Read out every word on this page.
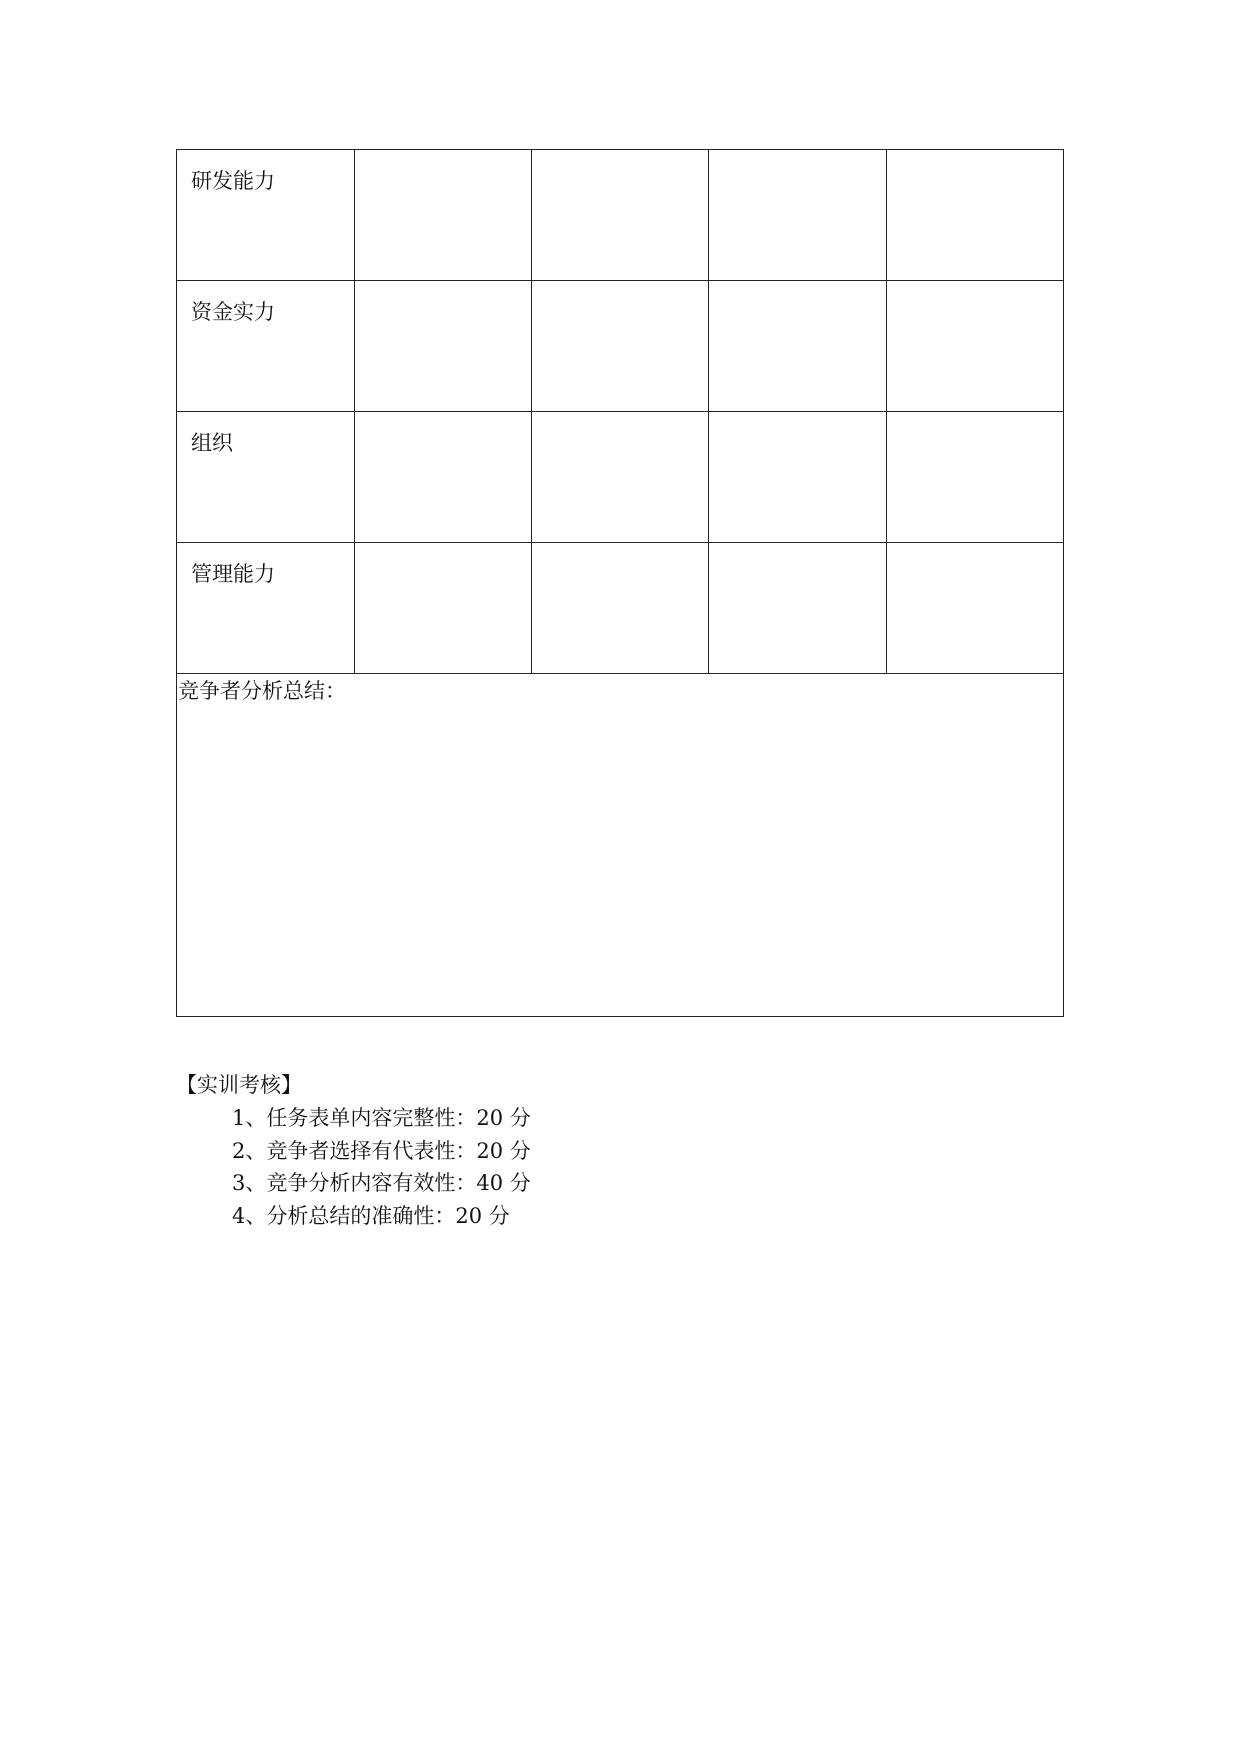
研发能力				

资金实力				

组织				

管理能力				

竞争者分析总结：				
【实训考核】
1、任务表单内容完整性：20 分
2、竞争者选择有代表性：20 分
3、竞争分析内容有效性：40 分
4、分析总结的准确性：20 分
